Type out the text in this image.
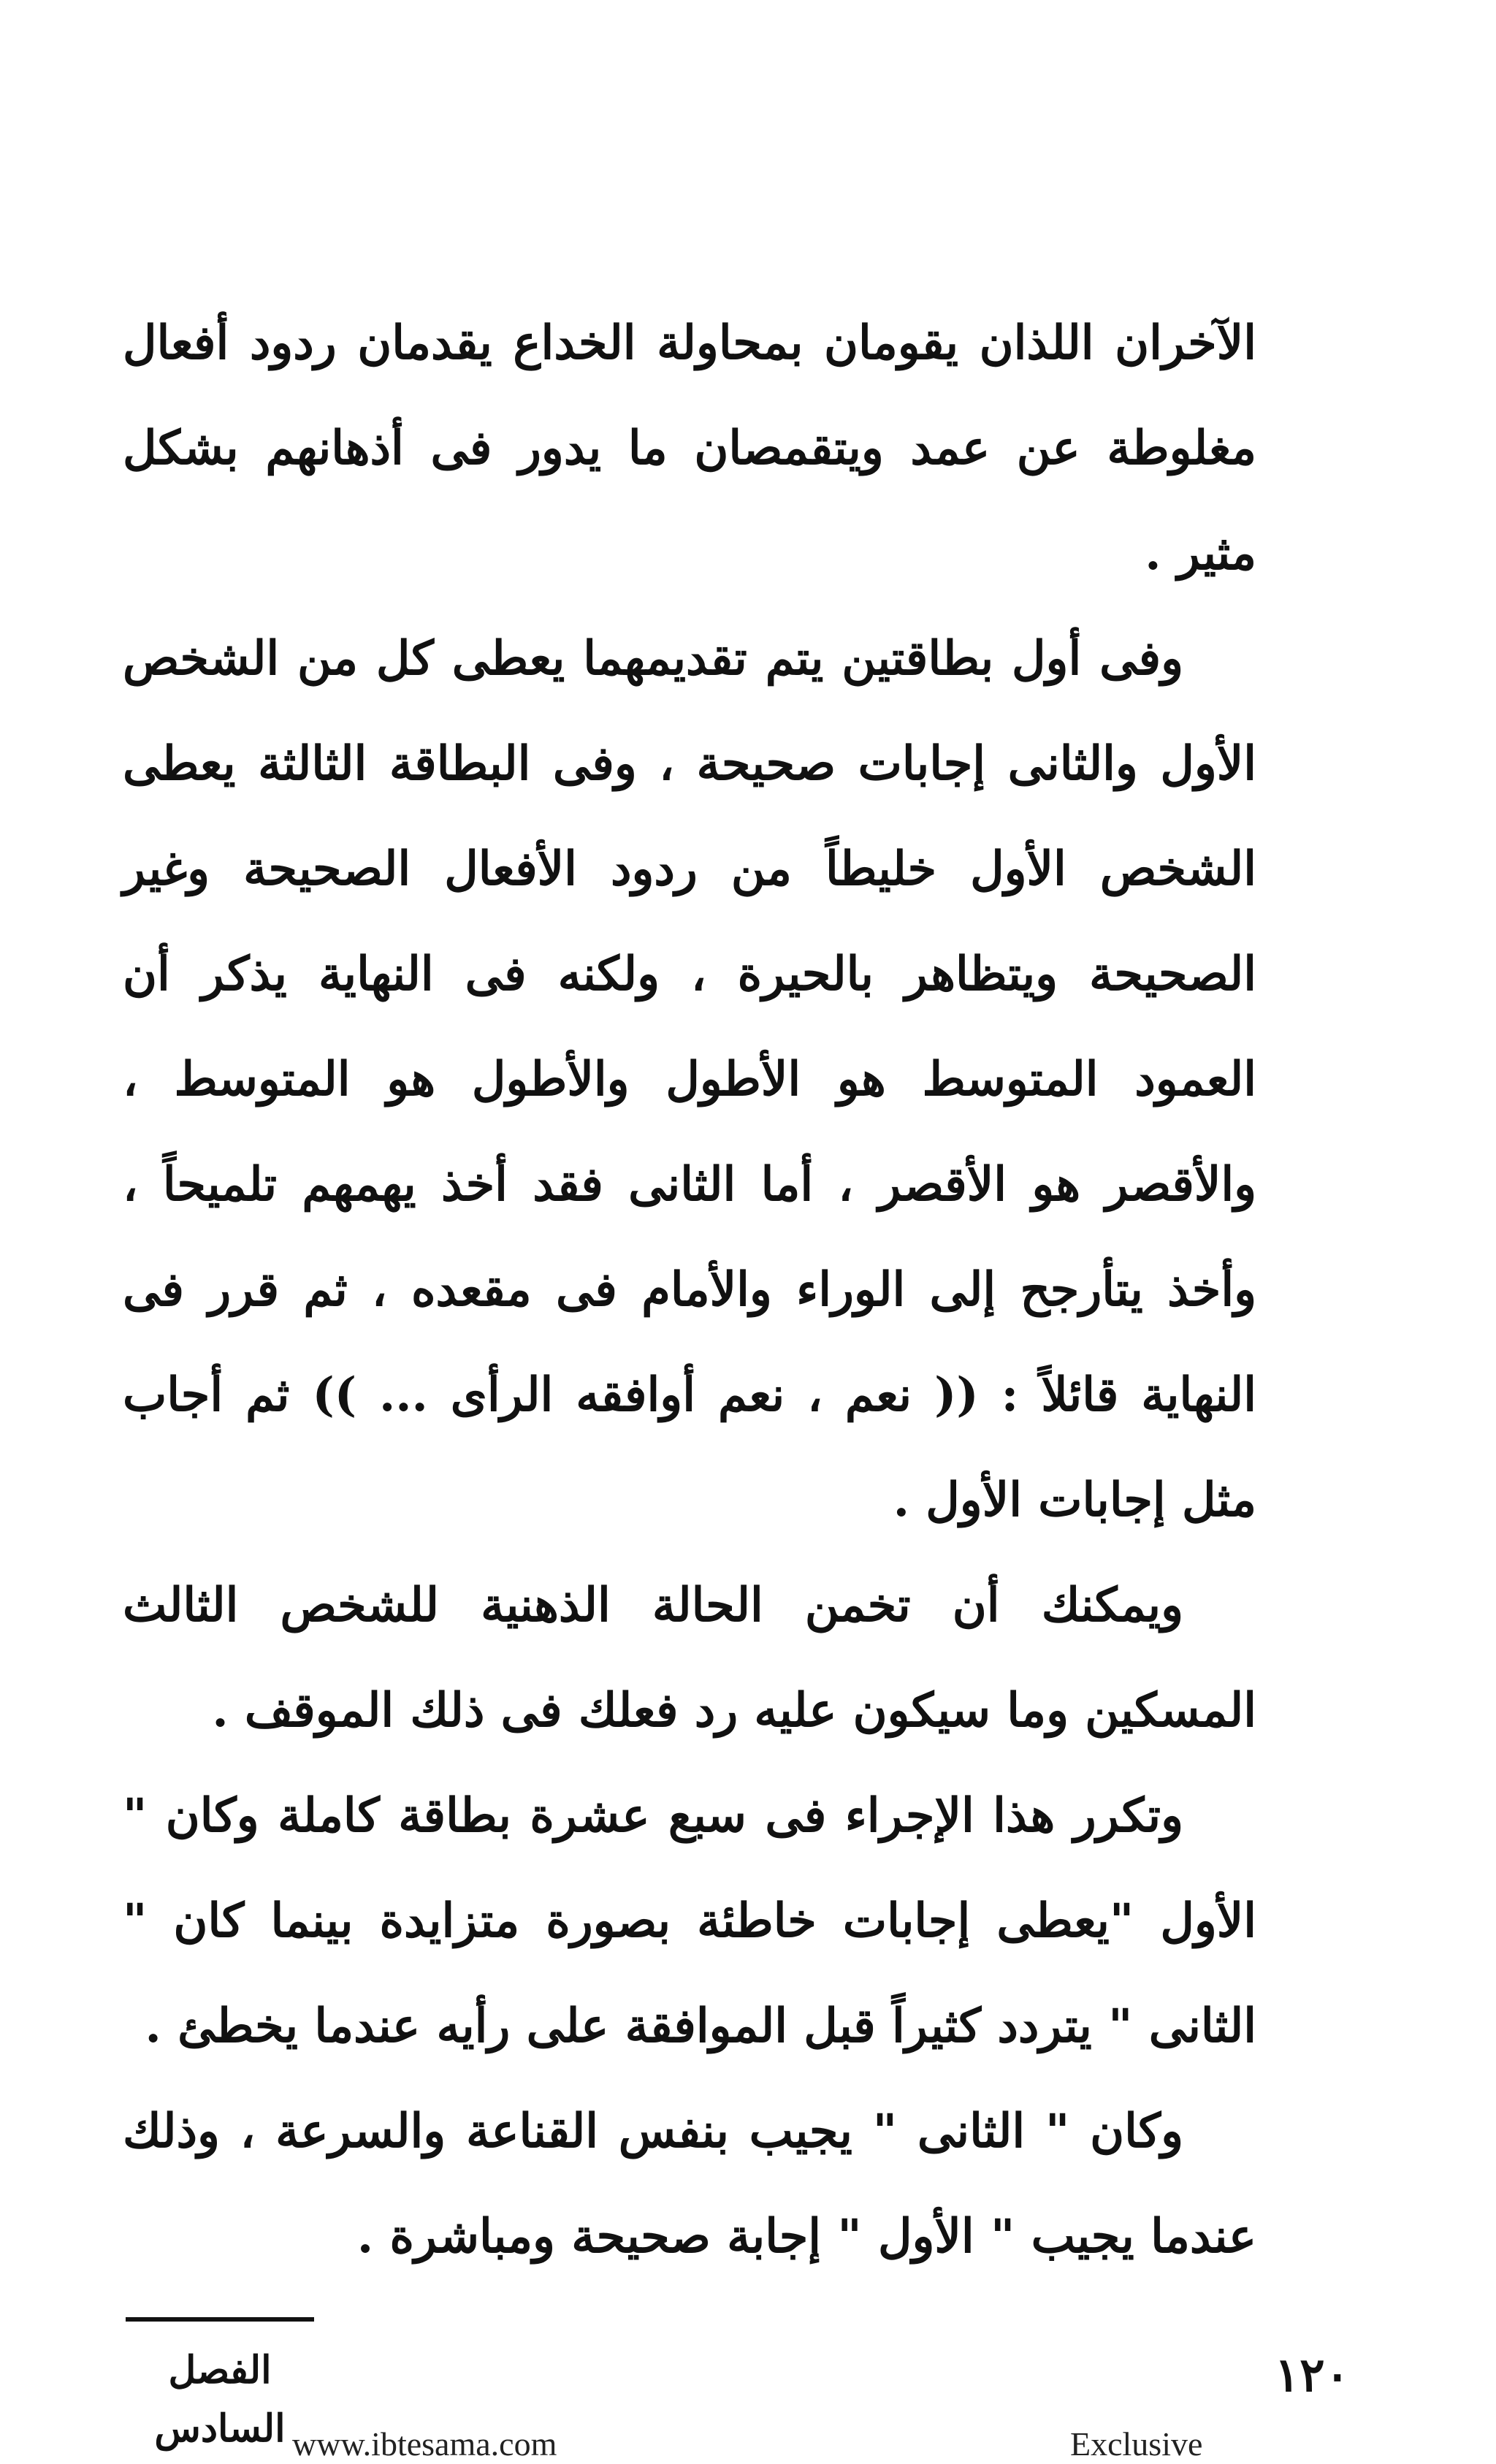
الآخران اللذان يقومان بمحاولة الخداع يقدمان ردود أفعال مغلوطة عن عمد ويتقمصان ما يدور فى أذهانهم بشكل مثير .

وفى أول بطاقتين يتم تقديمهما يعطى كل من الشخص الأول والثانى إجابات صحيحة ، وفى البطاقة الثالثة يعطى الشخص الأول خليطاً من ردود الأفعال الصحيحة وغير الصحيحة ويتظاهر بالحيرة ، ولكنه فى النهاية يذكر أن العمود المتوسط هو الأطول والأطول هو المتوسط ، والأقصر هو الأقصر ، أما الثانى فقد أخذ يهمهم تلميحاً ، وأخذ يتأرجح إلى الوراء والأمام فى مقعده ، ثم قرر فى النهاية قائلاً : (( نعم ، نعم أوافقه الرأى ... )) ثم أجاب مثل إجابات الأول .

ويمكنك أن تخمن الحالة الذهنية للشخص الثالث المسكين وما سيكون عليه رد فعلك فى ذلك الموقف .

وتكرر هذا الإجراء فى سبع عشرة بطاقة كاملة وكان " الأول "يعطى إجابات خاطئة بصورة متزايدة بينما كان " الثانى " يتردد كثيراً قبل الموافقة على رأيه عندما يخطئ .

وكان " الثانى " يجيب بنفس القناعة والسرعة ، وذلك عندما يجيب " الأول " إجابة صحيحة ومباشرة .

الفصل السادس
١٢٠
www.ibtesama.com	Exclusive
